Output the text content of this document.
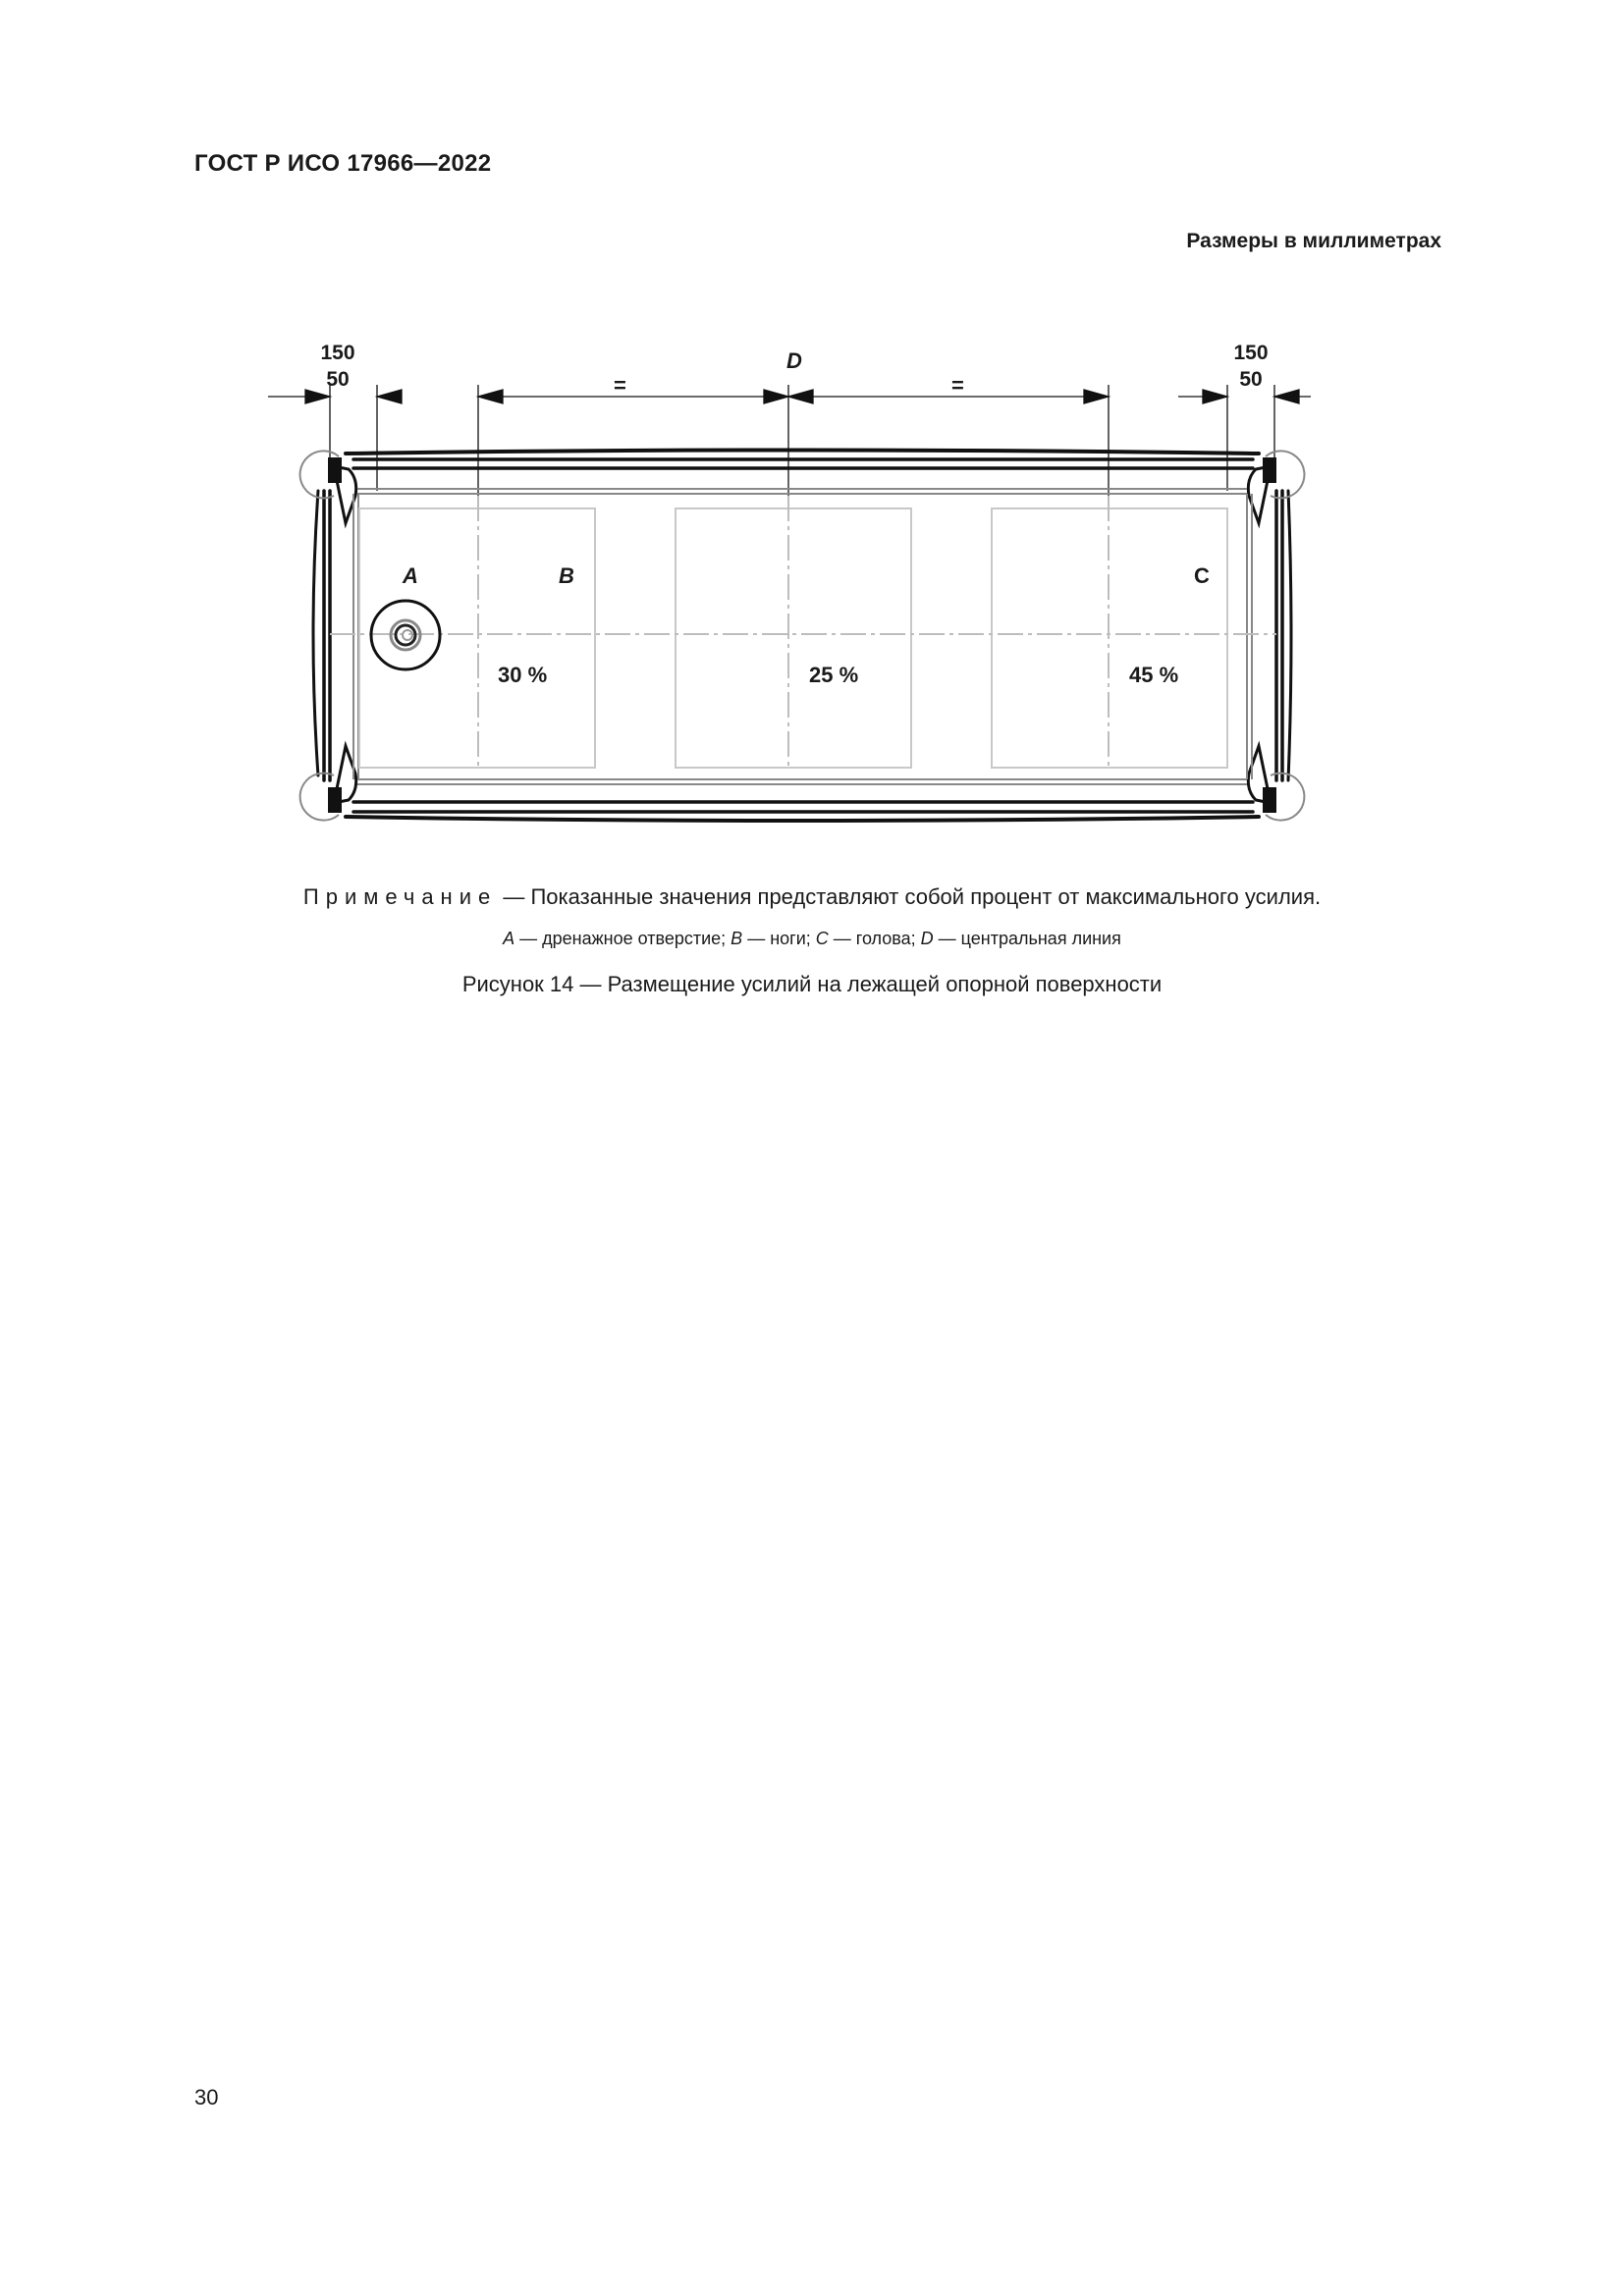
ГОСТ Р ИСО 17966—2022
Размеры в миллиметрах
150
50
150
50
D
=	=
A	B	C
30 %	25 %	45 %
Примечание — Показанные значения представляют собой процент от максимального усилия.
A — дренажное отверстие; B — ноги; C — голова; D — центральная линия
Рисунок 14 — Размещение усилий на лежащей опорной поверхности
30
